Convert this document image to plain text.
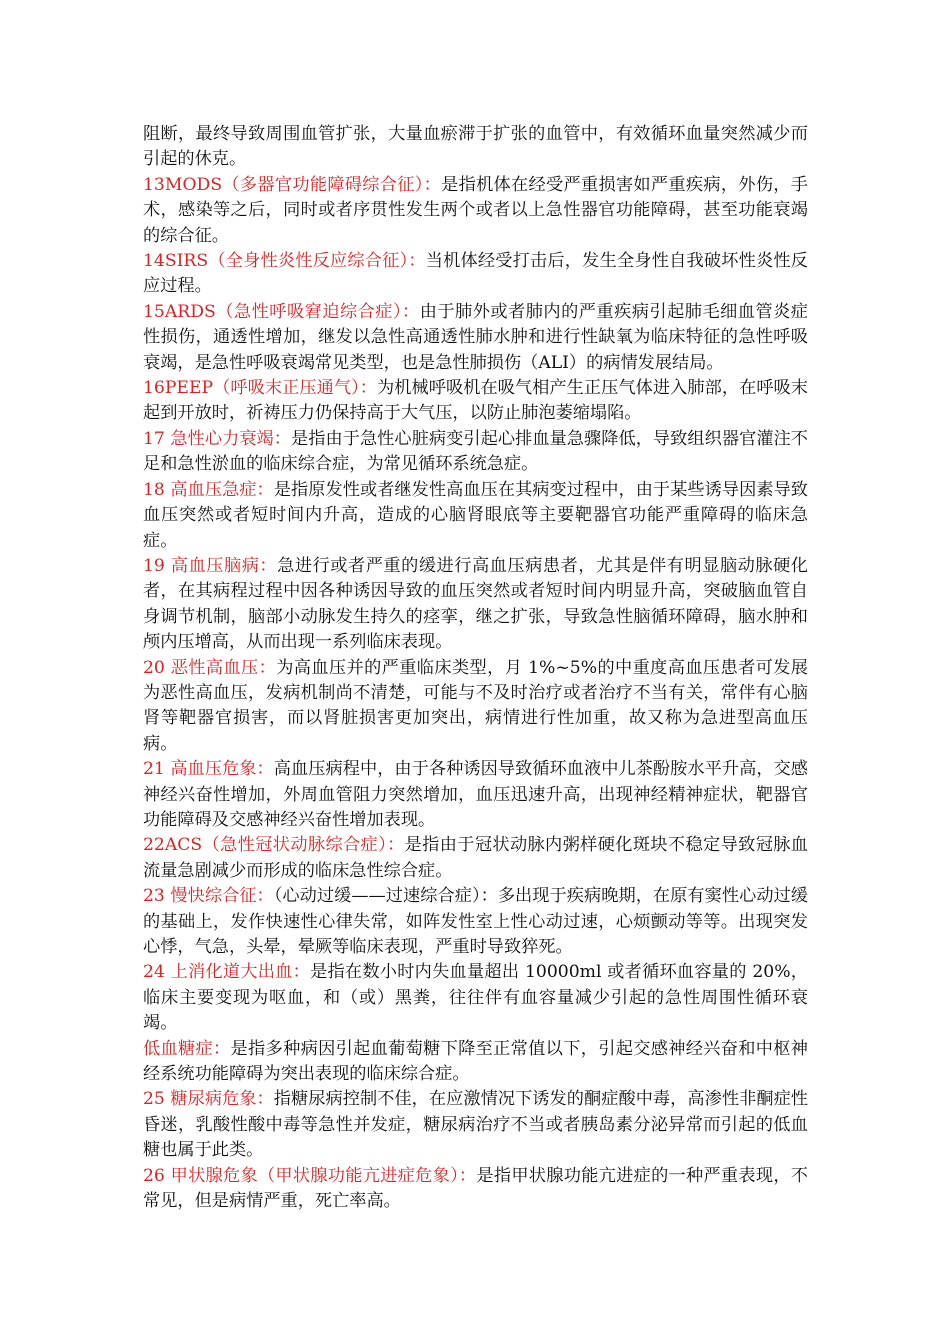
阻断，最终导致周围血管扩张，大量血瘀滞于扩张的血管中，有效循环血量突然减少而引起的休克。

13MODS（多器官功能障碍综合征）：是指机体在经受严重损害如严重疾病，外伤，手术，感染等之后，同时或者序贯性发生两个或者以上急性器官功能障碍，甚至功能衰竭的综合征。

14SIRS（全身性炎性反应综合征）：当机体经受打击后，发生全身性自我破坏性炎性反应过程。

15ARDS（急性呼吸窘迫综合症）：由于肺外或者肺内的严重疾病引起肺毛细血管炎症性损伤，通透性增加，继发以急性高通透性肺水肿和进行性缺氧为临床特征的急性呼吸衰竭，是急性呼吸衰竭常见类型，也是急性肺损伤（ALI）的病情发展结局。

16PEEP（呼吸末正压通气）：为机械呼吸机在吸气相产生正压气体进入肺部，在呼吸末起到开放时，祈祷压力仍保持高于大气压，以防止肺泡萎缩塌陷。

17 急性心力衰竭：是指由于急性心脏病变引起心排血量急骤降低，导致组织器官灌注不足和急性淤血的临床综合症，为常见循环系统急症。

18 高血压急症：是指原发性或者继发性高血压在其病变过程中，由于某些诱导因素导致血压突然或者短时间内升高，造成的心脑肾眼底等主要靶器官功能严重障碍的临床急症。

19 高血压脑病：急进行或者严重的缓进行高血压病患者，尤其是伴有明显脑动脉硬化者，在其病程过程中因各种诱因导致的血压突然或者短时间内明显升高，突破脑血管自身调节机制，脑部小动脉发生持久的痉挛，继之扩张，导致急性脑循环障碍，脑水肿和颅内压增高，从而出现一系列临床表现。

20 恶性高血压：为高血压并的严重临床类型，月 1%~5%的中重度高血压患者可发展为恶性高血压，发病机制尚不清楚，可能与不及时治疗或者治疗不当有关，常伴有心脑肾等靶器官损害，而以肾脏损害更加突出，病情进行性加重，故又称为急进型高血压病。

21 高血压危象：高血压病程中，由于各种诱因导致循环血液中儿茶酚胺水平升高，交感神经兴奋性增加，外周血管阻力突然增加，血压迅速升高，出现神经精神症状，靶器官功能障碍及交感神经兴奋性增加表现。

22ACS（急性冠状动脉综合症）：是指由于冠状动脉内粥样硬化斑块不稳定导致冠脉血流量急剧减少而形成的临床急性综合症。

23 慢快综合征：（心动过缓——过速综合症）：多出现于疾病晚期，在原有窦性心动过缓的基础上，发作快速性心律失常，如阵发性室上性心动过速，心烦颤动等等。出现突发心悸，气急，头晕，晕厥等临床表现，严重时导致猝死。

24 上消化道大出血：是指在数小时内失血量超出 10000ml 或者循环血容量的 20%，临床主要变现为呕血，和（或）黑粪，往往伴有血容量减少引起的急性周围性循环衰竭。

低血糖症：是指多种病因引起血葡萄糖下降至正常值以下，引起交感神经兴奋和中枢神经系统功能障碍为突出表现的临床综合症。

25 糖尿病危象：指糖尿病控制不佳，在应激情况下诱发的酮症酸中毒，高渗性非酮症性昏迷，乳酸性酸中毒等急性并发症，糖尿病治疗不当或者胰岛素分泌异常而引起的低血糖也属于此类。

26 甲状腺危象（甲状腺功能亢进症危象）：是指甲状腺功能亢进症的一种严重表现，不常见，但是病情严重，死亡率高。
